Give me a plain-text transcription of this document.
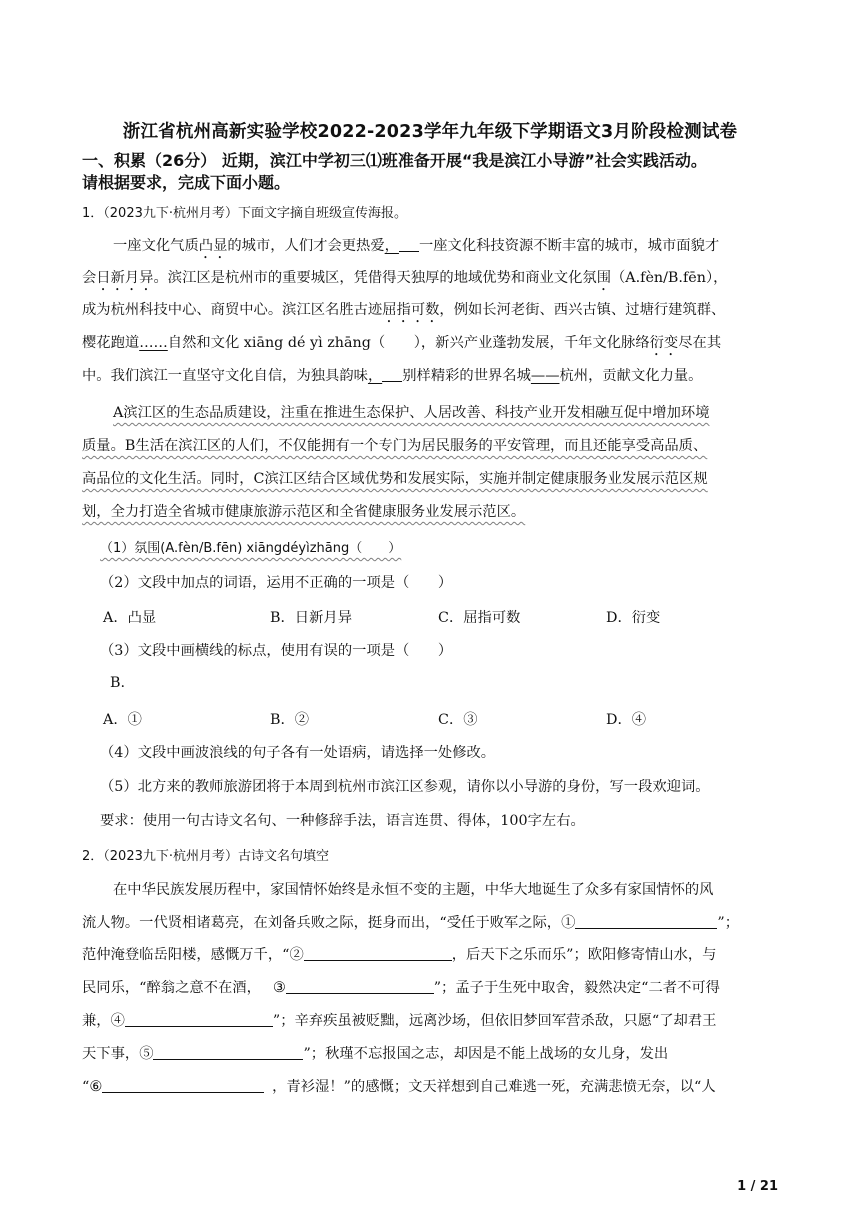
浙江省杭州高新实验学校2022-2023学年九年级下学期语文3月阶段检测试卷
一、积累（26分） 近期，滨江中学初三⑴班准备开展“我是滨江小导游”社会实践活动。
请根据要求，完成下面小题。
1．（2023九下·杭州月考）下面文字摘自班级宣传海报。
一座文化气质凸显的城市，人们才会更热爱， 一座文化科技资源不断丰富的城市，城市面貌才
会日新月异。滨江区是杭州市的重要城区，凭借得天独厚的地域优势和商业文化氛围（A.fèn/B.fēn），
成为杭州科技中心、商贸中心。滨江区名胜古迹屈指可数，例如长河老街、西兴古镇、过塘行建筑群、
樱花跑道……自然和文化 xiāng dé yì zhāng（　　），新兴产业蓬勃发展，千年文化脉络衍变尽在其
中。我们滨江一直坚守文化自信，为独具韵味， 别样精彩的世界名城——杭州，贡献文化力量。
A滨江区的生态品质建设，注重在推进生态保护、人居改善、科技产业开发相融互促中增加环境
质量。B生活在滨江区的人们，不仅能拥有一个专门为居民服务的平安管理，而且还能享受高品质、
高品位的文化生活。同时，C滨江区结合区域优势和发展实际，实施并制定健康服务业发展示范区规
划，全力打造全省城市健康旅游示范区和全省健康服务业发展示范区。
（1）氛围(A.fèn/B.fēn) xiāngdéyìzhāng（　　）
（2）文段中加点的词语，运用不正确的一项是（　　）
A．凸显	B．日新月异	C．屈指可数	D．衍变
（3）文段中画横线的标点，使用有误的一项是（　　）
B.
A．①	B．②	C．③	D．④
（4）文段中画波浪线的句子各有一处语病，请选择一处修改。
（5）北方来的教师旅游团将于本周到杭州市滨江区参观，请你以小导游的身份，写一段欢迎词。
要求：使用一句古诗文名句、一种修辞手法，语言连贯、得体，100字左右。
2．（2023九下·杭州月考）古诗文名句填空
在中华民族发展历程中，家国情怀始终是永恒不变的主题，中华大地诞生了众多有家国情怀的风
流人物。一代贤相诸葛亮，在刘备兵败之际，挺身而出，“受任于败军之际，①	”；
范仲淹登临岳阳楼，感慨万千，“②	，后天下之乐而乐”；欧阳修寄情山水，与
民同乐，“醉翁之意不在酒， ③	”；孟子于生死中取舍，毅然决定“二者不可得
兼，④	”；辛弃疾虽被贬黜，远离沙场，但依旧梦回军营杀敌，只愿“了却君王
天下事，⑤	”；秋瑾不忘报国之志，却因是不能上战场的女儿身，发出
“⑥	，青衫湿！”的感慨；文天祥想到自己难逃一死，充满悲愤无奈，以“人
1 / 21
